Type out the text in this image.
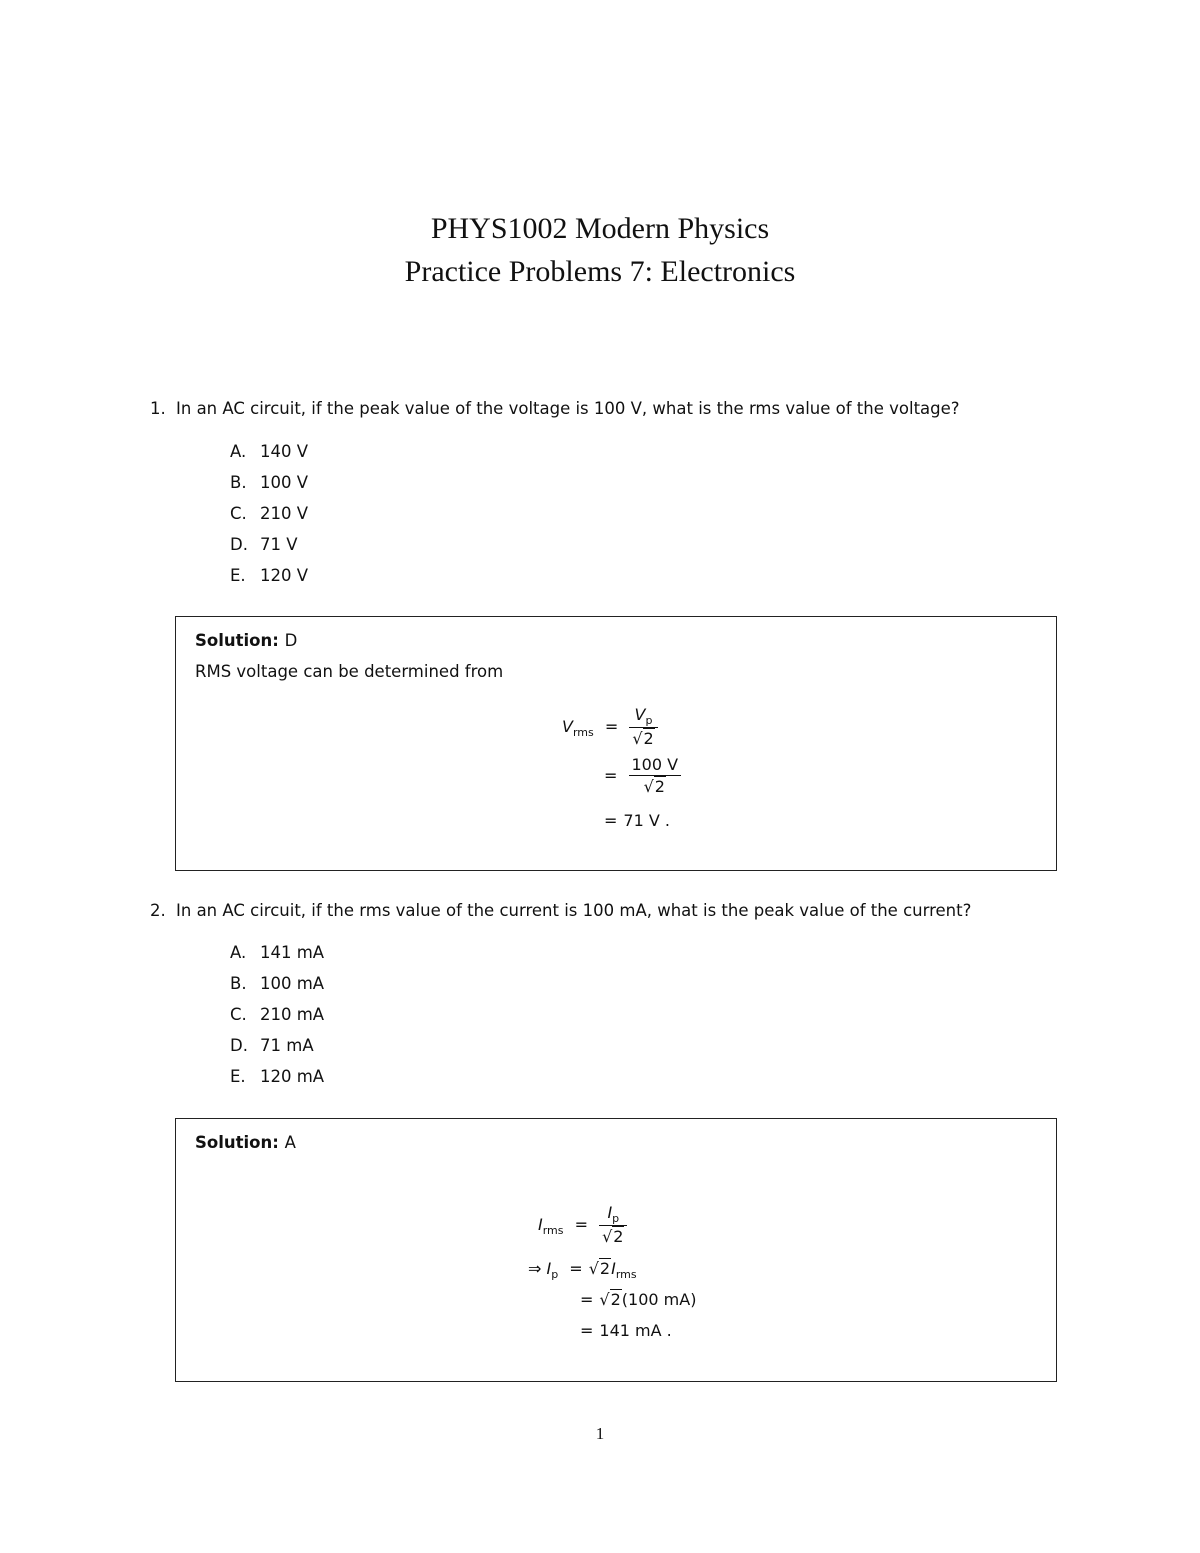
PHYS1002 Modern Physics
Practice Problems 7: Electronics
1. In an AC circuit, if the peak value of the voltage is 100 V, what is the rms value of the voltage?
A. 140 V
B. 100 V
C. 210 V
D. 71 V
E. 120 V
Solution: D
RMS voltage can be determined from
$V_{rms} = \frac{V_p}{√2}$
= $\frac{100 V}{√2}$
= 71 V .
2. In an AC circuit, if the rms value of the current is 100 mA, what is the peak value of the current?
A. 141 mA
B. 100 mA
C. 210 mA
D. 71 mA
E. 120 mA
Solution: A
$I_{rms} = \frac{I_p}{√2}$
⇒ $I_p = √2I_{rms}$
= √2(100 mA)
= 141 mA .
1
